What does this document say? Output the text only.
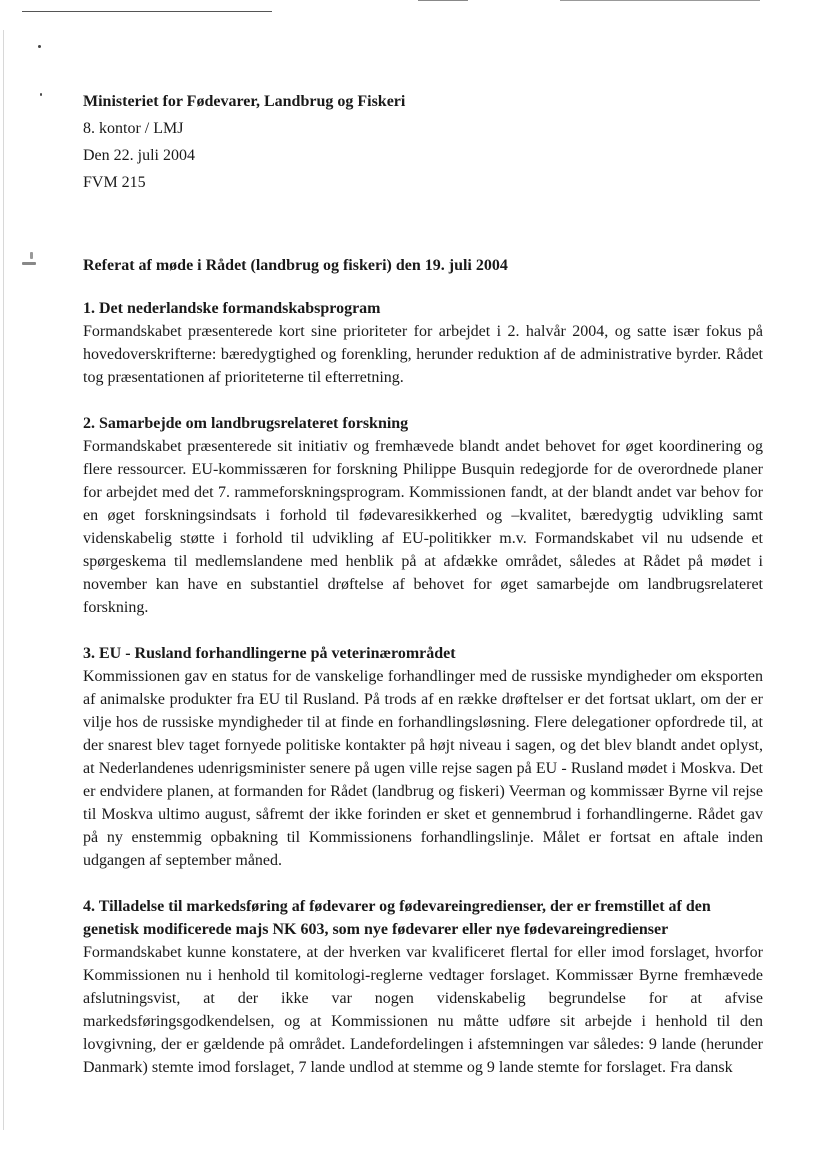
Ministeriet for Fødevarer, Landbrug og Fiskeri
8. kontor / LMJ
Den 22. juli 2004
FVM 215
Referat af møde i Rådet (landbrug og fiskeri) den 19. juli 2004
1. Det nederlandske formandskabsprogram
Formandskabet præsenterede kort sine prioriteter for arbejdet i 2. halvår 2004, og satte især fokus på hovedoverskrifterne: bæredygtighed og forenkling, herunder reduktion af de administrative byrder. Rådet tog præsentationen af prioriteterne til efterretning.
2. Samarbejde om landbrugsrelateret forskning
Formandskabet præsenterede sit initiativ og fremhævede blandt andet behovet for øget koordinering og flere ressourcer. EU-kommissæren for forskning Philippe Busquin redegjorde for de overordnede planer for arbejdet med det 7. rammeforskningsprogram. Kommissionen fandt, at der blandt andet var behov for en øget forskningsindsats i forhold til fødevaresikkerhed og –kvalitet, bæredygtig udvikling samt videnskabelig støtte i forhold til udvikling af EU-politikker m.v. Formandskabet vil nu udsende et spørgeskema til medlemslandene med henblik på at afdække området, således at Rådet på mødet i november kan have en substantiel drøftelse af behovet for øget samarbejde om landbrugsrelateret forskning.
3. EU - Rusland forhandlingerne på veterinærområdet
Kommissionen gav en status for de vanskelige forhandlinger med de russiske myndigheder om eksporten af animalske produkter fra EU til Rusland. På trods af en række drøftelser er det fortsat uklart, om der er vilje hos de russiske myndigheder til at finde en forhandlingsløsning. Flere delegationer opfordrede til, at der snarest blev taget fornyede politiske kontakter på højt niveau i sagen, og det blev blandt andet oplyst, at Nederlandenes udenrigsminister senere på ugen ville rejse sagen på EU - Rusland mødet i Moskva. Det er endvidere planen, at formanden for Rådet (landbrug og fiskeri) Veerman og kommissær Byrne vil rejse til Moskva ultimo august, såfremt der ikke forinden er sket et gennembrud i forhandlingerne. Rådet gav på ny enstemmig opbakning til Kommissionens forhandlingslinje. Målet er fortsat en aftale inden udgangen af september måned.
4. Tilladelse til markedsføring af fødevarer og fødevareingredienser, der er fremstillet af den genetisk modificerede majs NK 603, som nye fødevarer eller nye fødevareingredienser
Formandskabet kunne konstatere, at der hverken var kvalificeret flertal for eller imod forslaget, hvorfor Kommissionen nu i henhold til komitologi-reglerne vedtager forslaget. Kommissær Byrne fremhævede afslutningsvist, at der ikke var nogen videnskabelig begrundelse for at afvise markedsføringsgodkendelsen, og at Kommissionen nu måtte udføre sit arbejde i henhold til den lovgivning, der er gældende på området. Landefordelingen i afstemningen var således: 9 lande (herunder Danmark) stemte imod forslaget, 7 lande undlod at stemme og 9 lande stemte for forslaget. Fra dansk
